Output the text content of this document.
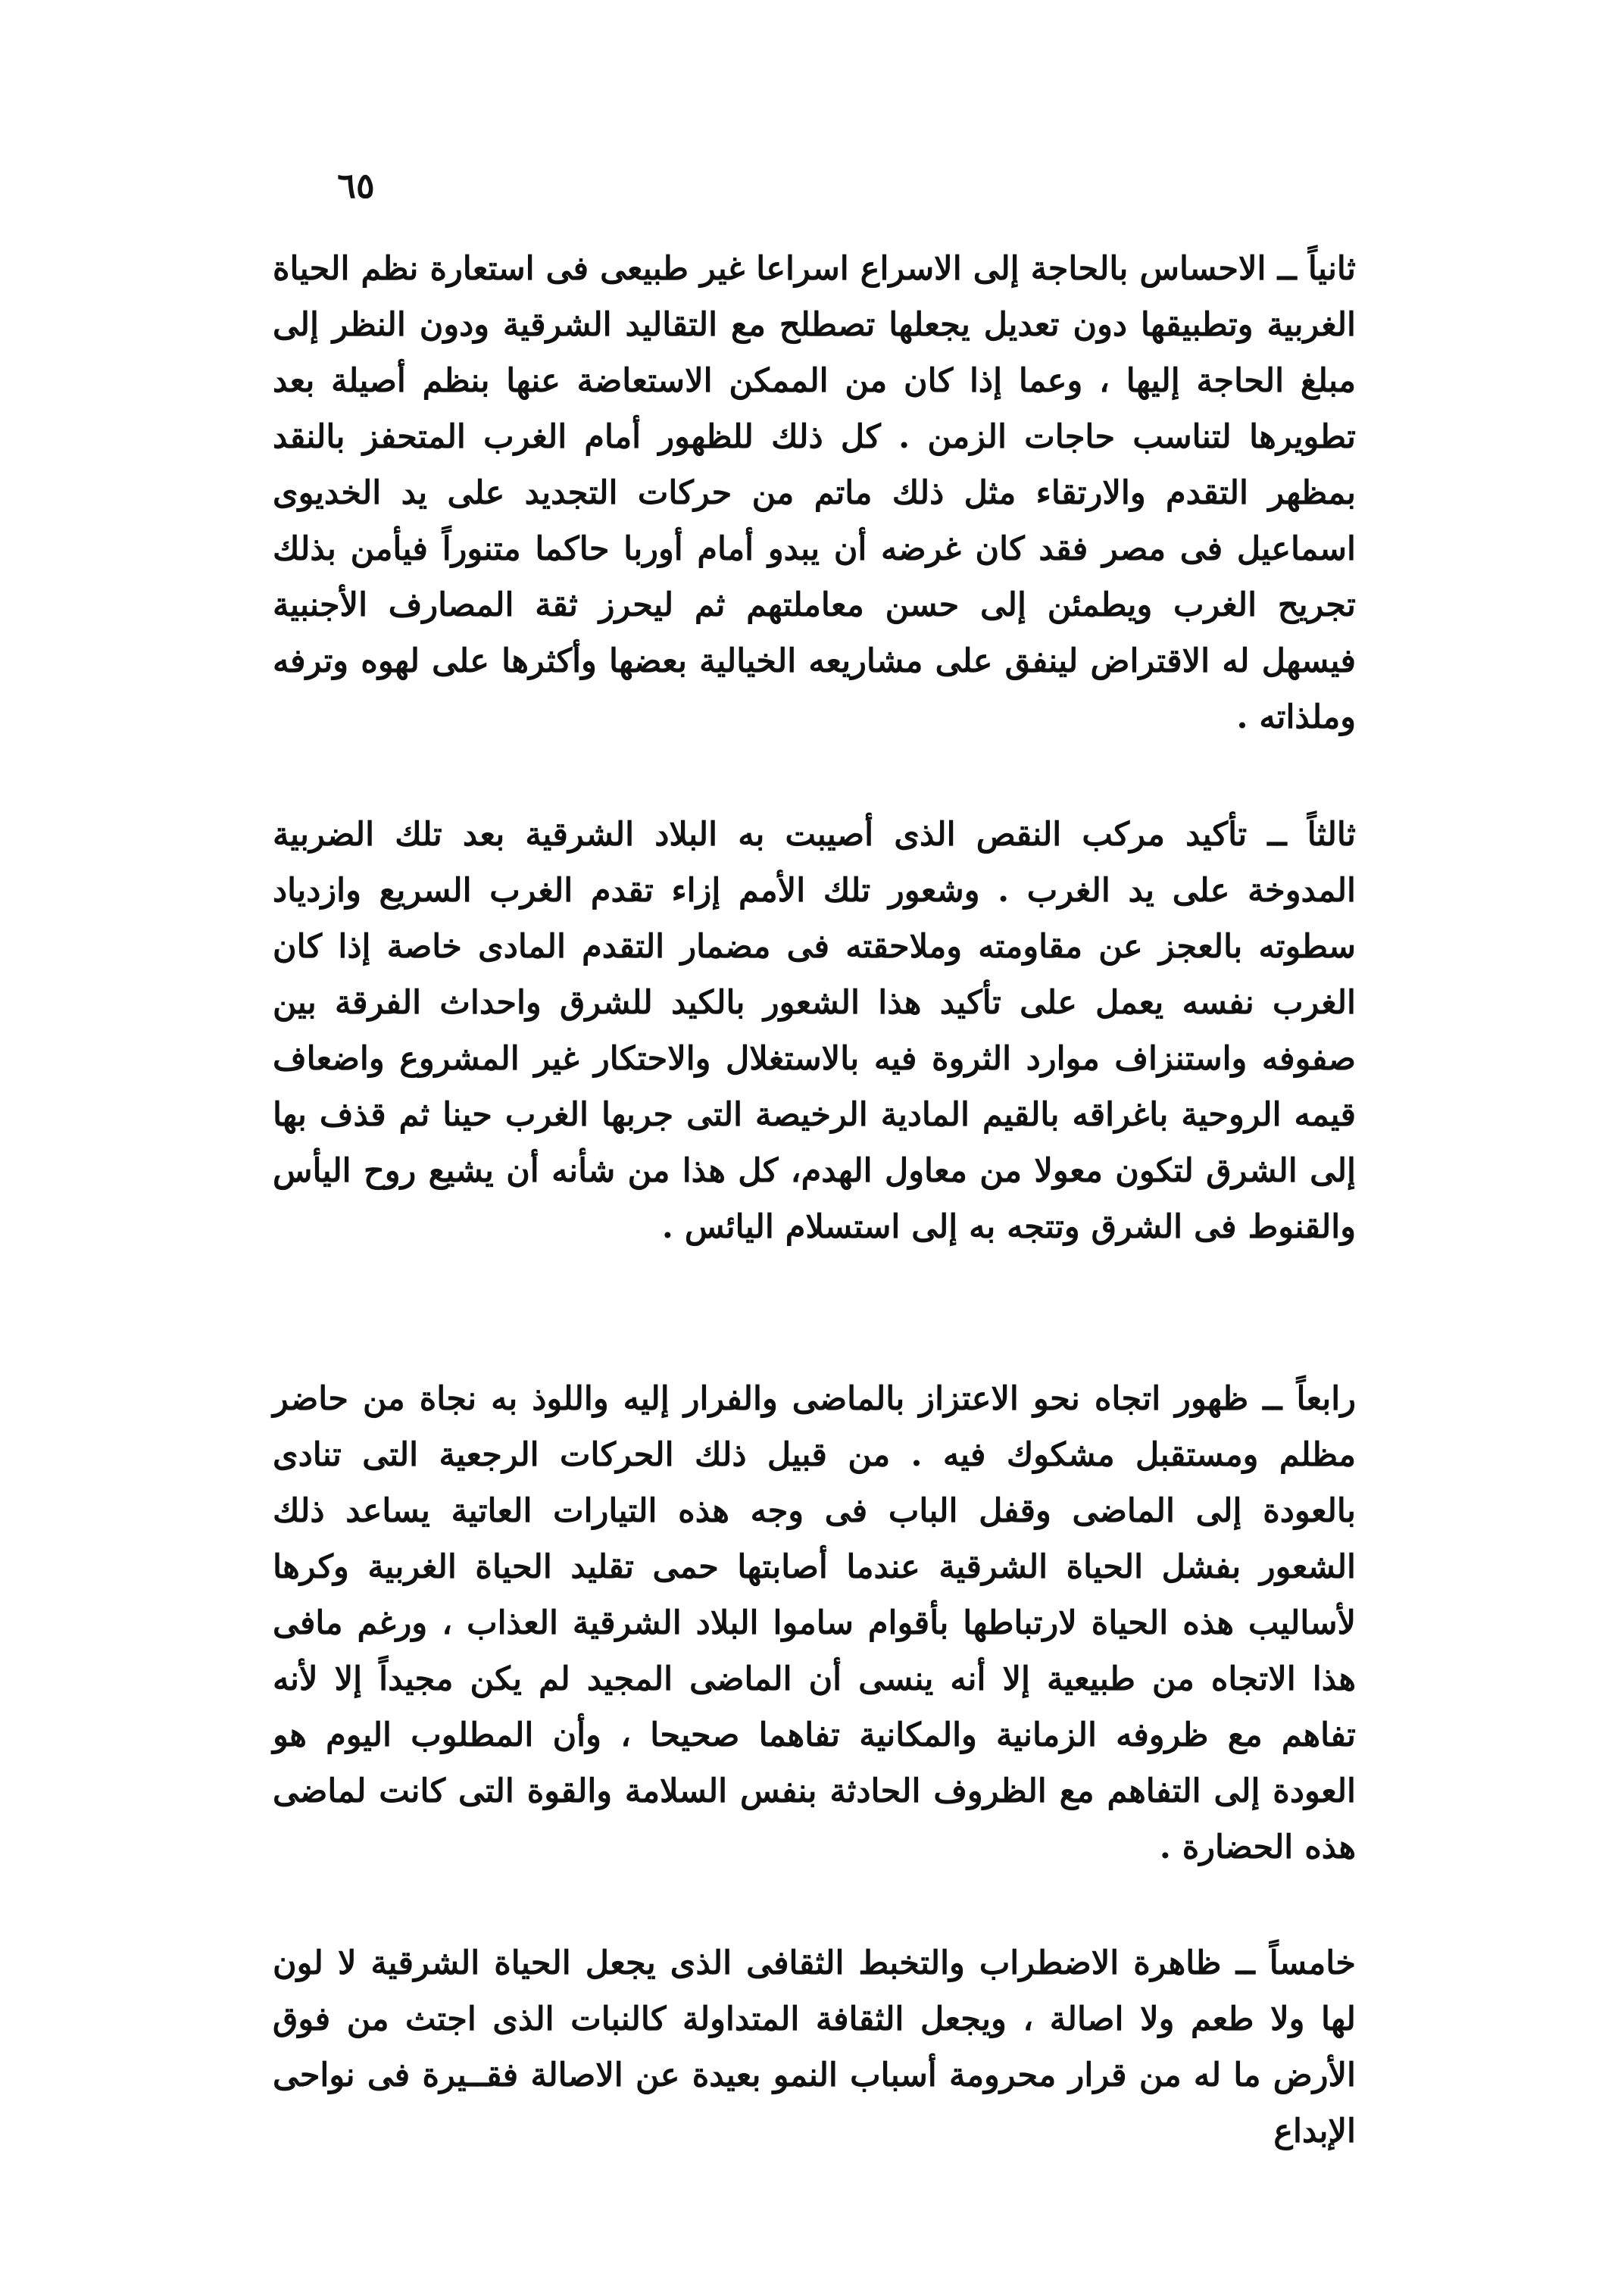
٦٥

ثانياً ــ الاحساس بالحاجة إلى الاسراع اسراعا غير طبيعى فى استعارة نظم الحياة الغربية وتطبيقها دون تعديل يجعلها تصطلح مع التقاليد الشرقية ودون النظر إلى مبلغ الحاجة إليها ، وعما إذا كان من الممكن الاستعاضة عنها بنظم أصيلة بعد تطويرها لتناسب حاجات الزمن . كل ذلك للظهور أمام الغرب المتحفز بالنقد بمظهر التقدم والارتقاء مثل ذلك ماتم من حركات التجديد على يد الخديوى اسماعيل فى مصر فقد كان غرضه أن يبدو أمام أوربا حاكما متنوراً فيأمن بذلك تجريح الغرب ويطمئن إلى حسن معاملتهم ثم ليحرز ثقة المصارف الأجنبية فيسهل له الاقتراض لينفق على مشاريعه الخيالية بعضها وأكثرها على لهوه وترفه وملذاته .

ثالثاً ــ تأكيد مركب النقص الذى أصيبت به البلاد الشرقية بعد تلك الضربية المدوخة على يد الغرب . وشعور تلك الأمم إزاء تقدم الغرب السريع وازدياد سطوته بالعجز عن مقاومته وملاحقته فى مضمار التقدم المادى خاصة إذا كان الغرب نفسه يعمل على تأكيد هذا الشعور بالكيد للشرق واحداث الفرقة بين صفوفه واستنزاف موارد الثروة فيه بالاستغلال والاحتكار غير المشروع واضعاف قيمه الروحية باغراقه بالقيم المادية الرخيصة التى جربها الغرب حينا ثم قذف بها إلى الشرق لتكون معولا من معاول الهدم، كل هذا من شأنه أن يشيع روح اليأس والقنوط فى الشرق وتتجه به إلى استسلام اليائس .

رابعاً ــ ظهور اتجاه نحو الاعتزاز بالماضى والفرار إليه واللوذ به نجاة من حاضر مظلم ومستقبل مشكوك فيه . من قبيل ذلك الحركات الرجعية التى تنادى بالعودة إلى الماضى وقفل الباب فى وجه هذه التيارات العاتية يساعد ذلك الشعور بفشل الحياة الشرقية عندما أصابتها حمى تقليد الحياة الغربية وكرها لأساليب هذه الحياة لارتباطها بأقوام ساموا البلاد الشرقية العذاب ، ورغم مافى هذا الاتجاه من طبيعية إلا أنه ينسى أن الماضى المجيد لم يكن مجيداً إلا لأنه تفاهم مع ظروفه الزمانية والمكانية تفاهما صحيحا ، وأن المطلوب اليوم هو العودة إلى التفاهم مع الظروف الحادثة بنفس السلامة والقوة التى كانت لماضى هذه الحضارة .

خامساً ــ ظاهرة الاضطراب والتخبط الثقافى الذى يجعل الحياة الشرقية لا لون لها ولا طعم ولا اصالة ، ويجعل الثقافة المتداولة كالنبات الذى اجتث من فوق الأرض ما له من قرار محرومة أسباب النمو بعيدة عن الاصالة فقــيرة فى نواحى الإبداع
